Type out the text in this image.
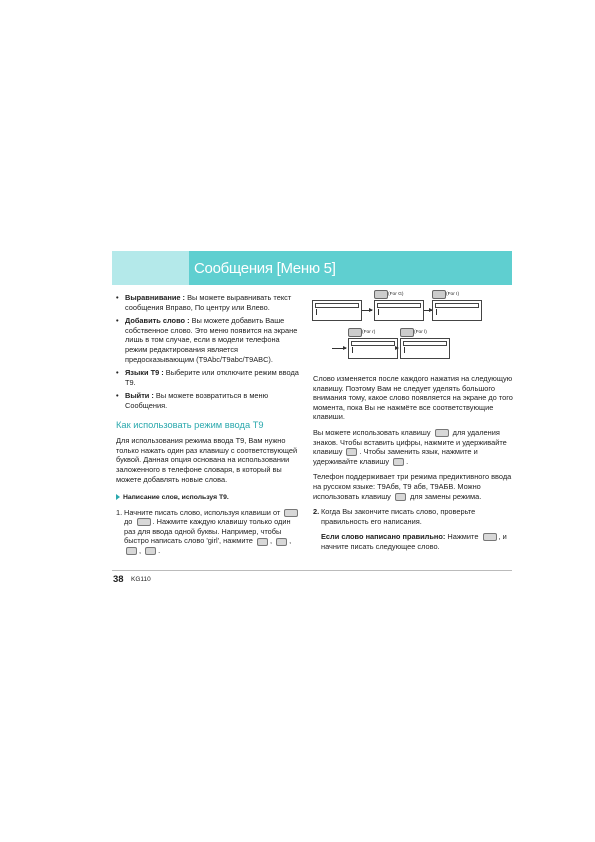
Сообщения [Меню 5]
• Выравнивание : Вы можете выравнивать текст сообщения Вправо, По центру или Влево.
• Добавить слово : Вы можете добавить Ваше собственное слово. Это меню появится на экране лишь в том случае, если в модели телефона режим редактирования является предосказывающим (T9Abc/T9abc/T9ABC).
• Языки Т9 : Выберите или отключите режим ввода T9.
• Выйти : Вы можете возвратиться в меню Сообщения.
Как использовать режим ввода T9

Для использования режима ввода T9, Вам нужно только нажать один раз клавишу с соответствующей буквой. Данная опция основана на использовании заложенного в телефоне словаря, в который вы можете добавлять новые слова.

Написание слов, используя T9.
1. Начните писать слово, используя клавиши от  до	. Нажмите каждую клавишу только один раз для ввода одной буквы. Например, чтобы быстро написать слово 'girl', нажмите , , , .
(For G)	(For I)
(For r)	(For l)

Слово изменяется после каждого нажатия на следующую клавишу. Поэтому Вам не следует уделять большого внимания тому, какое слово появляется на экране до того момента, пока Вы не нажмёте все соответствующие клавиши.

Вы можете использовать клавишу	для удаления знаков. Чтобы вставить цифры, нажмите и удерживайте клавишу . Чтобы заменить язык, нажмите и удерживайте клавишу .

Телефон поддерживает три режима предиктивного ввода на русском языке: T9Абв, T9 абв, T9АБВ. Можно использовать клавишу	для замены режима.

2. Когда Вы закончите писать слово, проверьте правильность его написания.

Если слово написано правильно: Нажмите	, и начните писать следующее слово.

38 KG110
